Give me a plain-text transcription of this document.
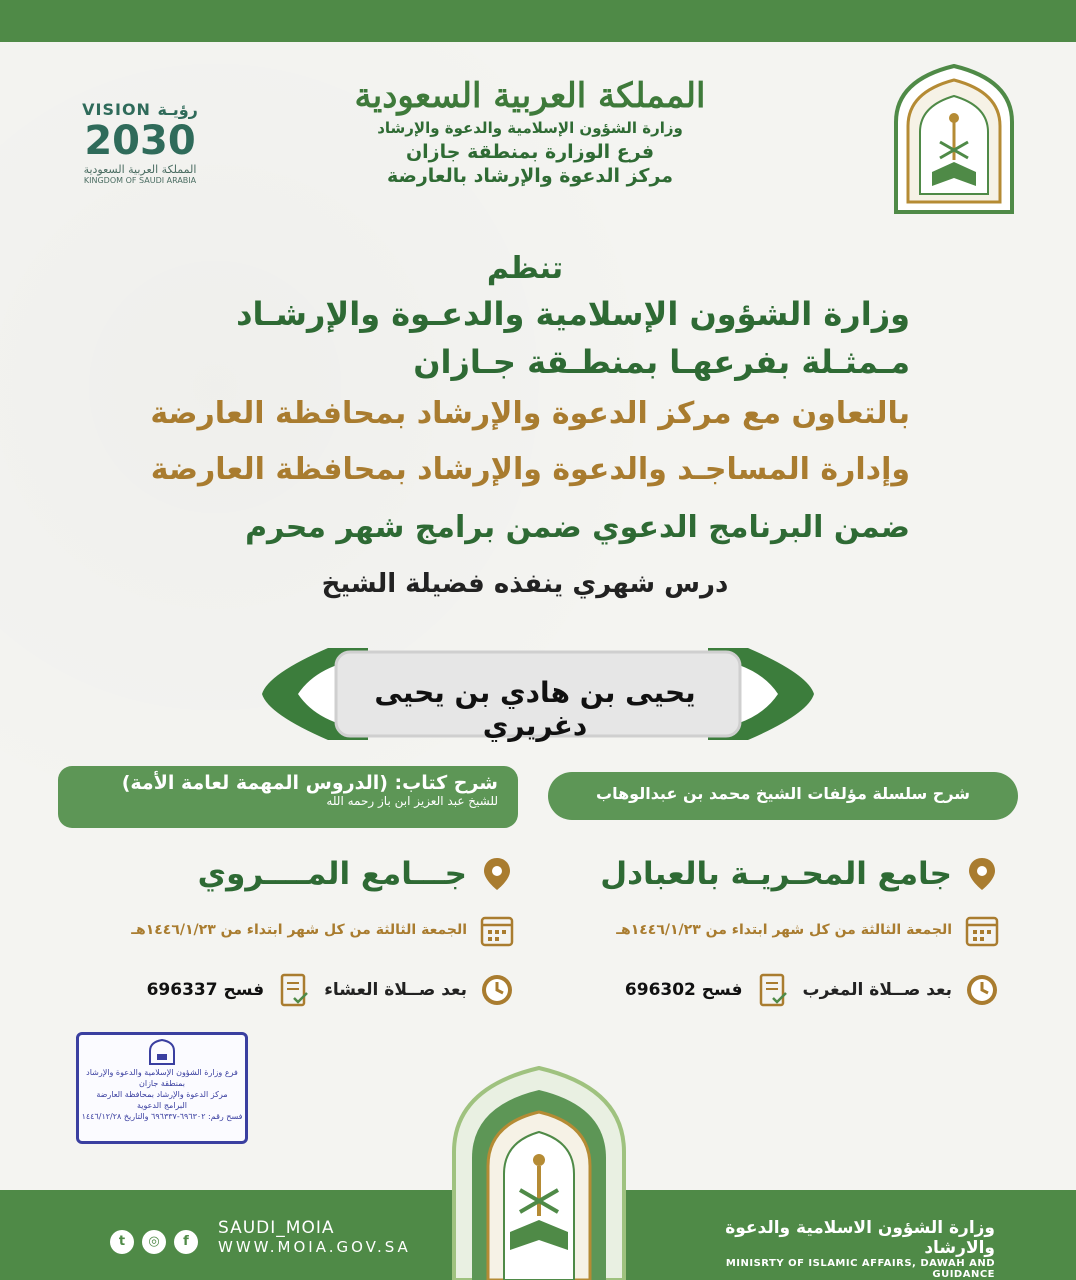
VISION رؤيـة
2030
المملكة العربية السعودية
KINGDOM OF SAUDI ARABIA
المملكة العربية السعودية
وزارة الشؤون الإسلامية والدعوة والإرشاد
فرع الوزارة بمنطقة جازان
مركز الدعوة والإرشاد بالعارضة
تنظم
وزارة الشؤون الإسلامية والدعـوة والإرشـاد
مـمثـلة بفرعهـا بمنطـقة جـازان
بالتعاون مع مركز الدعوة والإرشاد بمحافظة العارضة
وإدارة المساجـد والدعوة والإرشاد بمحافظة العارضة
ضمن البرنامج الدعوي ضمن برامج شهر محرم
درس شهري ينفذه فضيلة الشيخ
يحيى بن هادي بن يحيى دغريري
شرح كتاب: (الدروس المهمة لعامة الأمة)
للشيخ عبد العزيز ابن باز رحمه الله	شرح سلسلة مؤلفات الشيخ محمد بن عبدالوهاب
جامع المحـريـة بالعبادل
الجمعة الثالثة من كل شهر ابتداء من ١٤٤٦/١/٢٣هـ
بعد صــلاة المغرب
فسح 696302
جـــامع المــــروي
الجمعة الثالثة من كل شهر ابتداء من ١٤٤٦/١/٢٣هـ
بعد صــلاة العشاء
فسح 696337
فرع وزارة الشؤون الإسلامية والدعوة والإرشاد
بمنطقة جازان
مركز الدعوة والإرشاد بمحافظة العارضة
البرامج الدعوية
فسح رقم: ٦٩٦٣٠٢-٦٩٦٣٣٧ والتاريخ ١٤٤٦/١٢/٢٨
t	◎	f
SAUDI_MOIA
WWW.MOIA.GOV.SA
وزارة الشؤون الاسلامية والدعوة والارشاد
MINISRTY OF ISLAMIC AFFAIRS, DAWAH AND GUIDANCE
